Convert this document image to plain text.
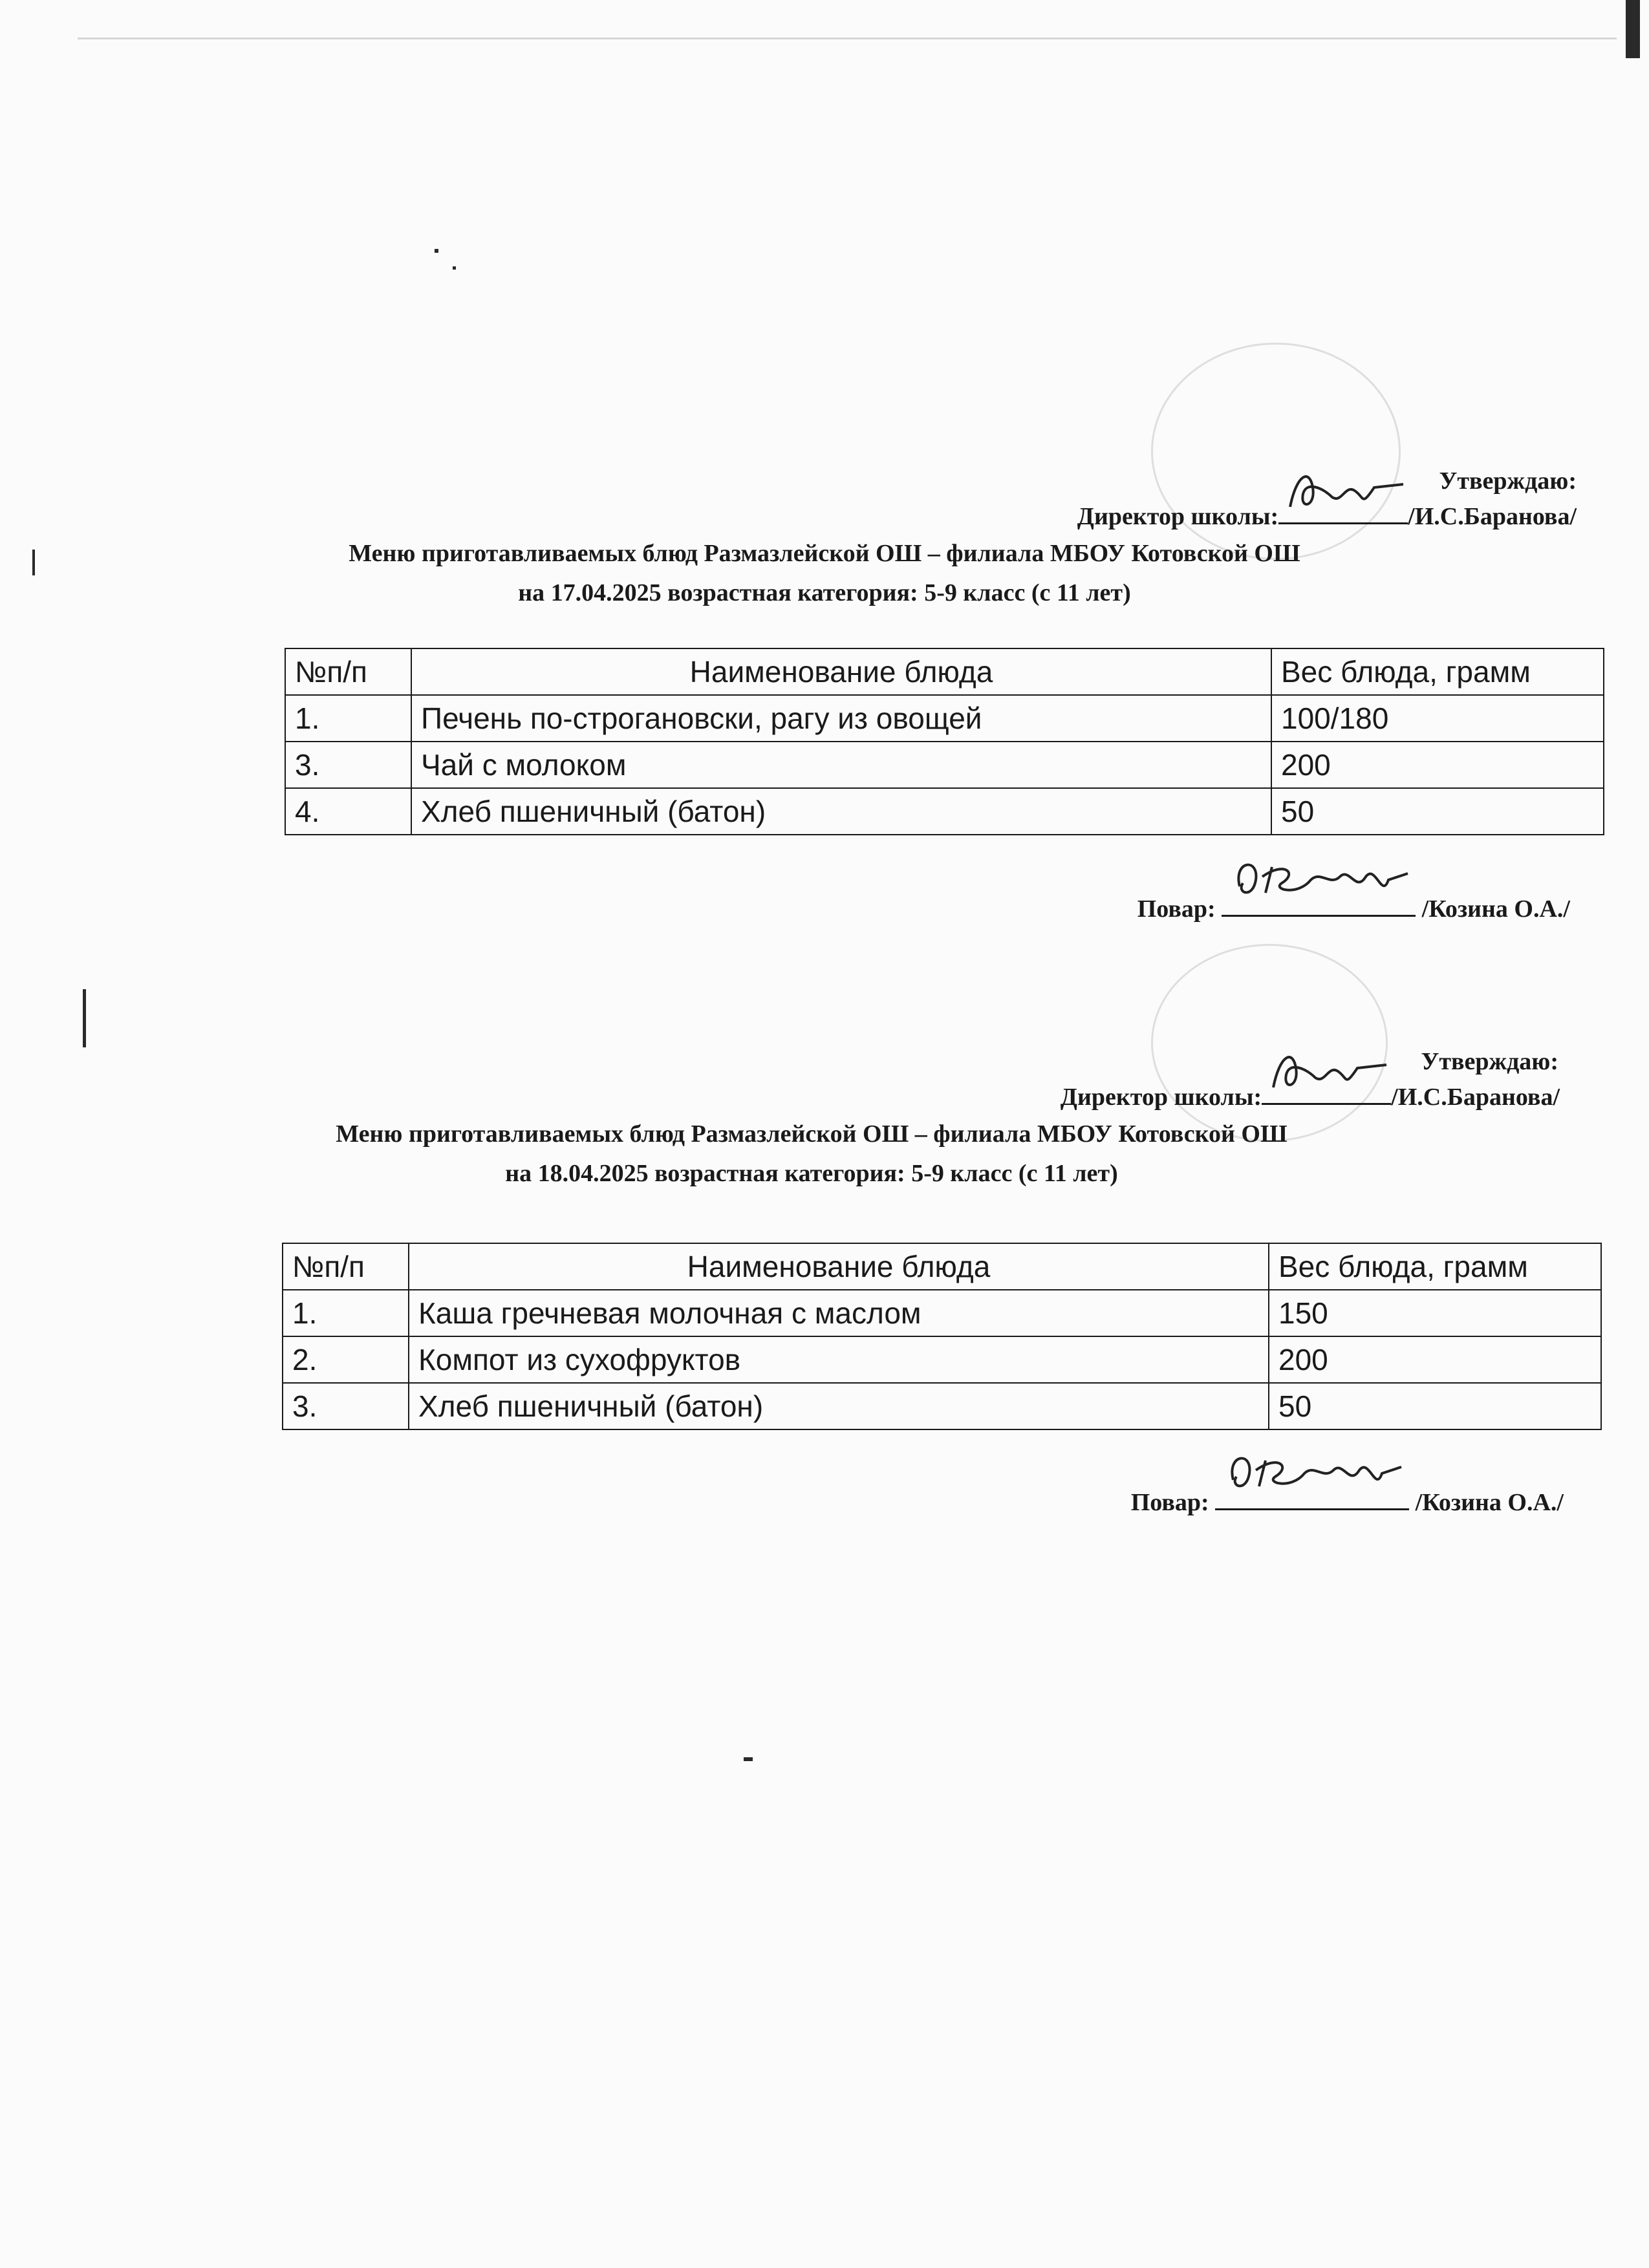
Утверждаю:
Директор школы:	/И.С.Баранова/
Меню приготавливаемых блюд Размазлейской ОШ – филиала МБОУ Котовской ОШ
на 17.04.2025 возрастная категория: 5-9 класс (с 11 лет)
№п/п	Наименование блюда	Вес блюда, грамм
1.	Печень по-строгановски, рагу из овощей	100/180
3.	Чай с молоком	200
4.	Хлеб пшеничный (батон)	50
Повар:	/Козина О.А./
Утверждаю:
Директор школы:	/И.С.Баранова/
Меню приготавливаемых блюд Размазлейской ОШ – филиала МБОУ Котовской ОШ
на 18.04.2025 возрастная категория: 5-9 класс (с 11 лет)
№п/п	Наименование блюда	Вес блюда, грамм
1.	Каша гречневая молочная с маслом	150
2.	Компот из сухофруктов	200
3.	Хлеб пшеничный (батон)	50
Повар:	/Козина О.А./
